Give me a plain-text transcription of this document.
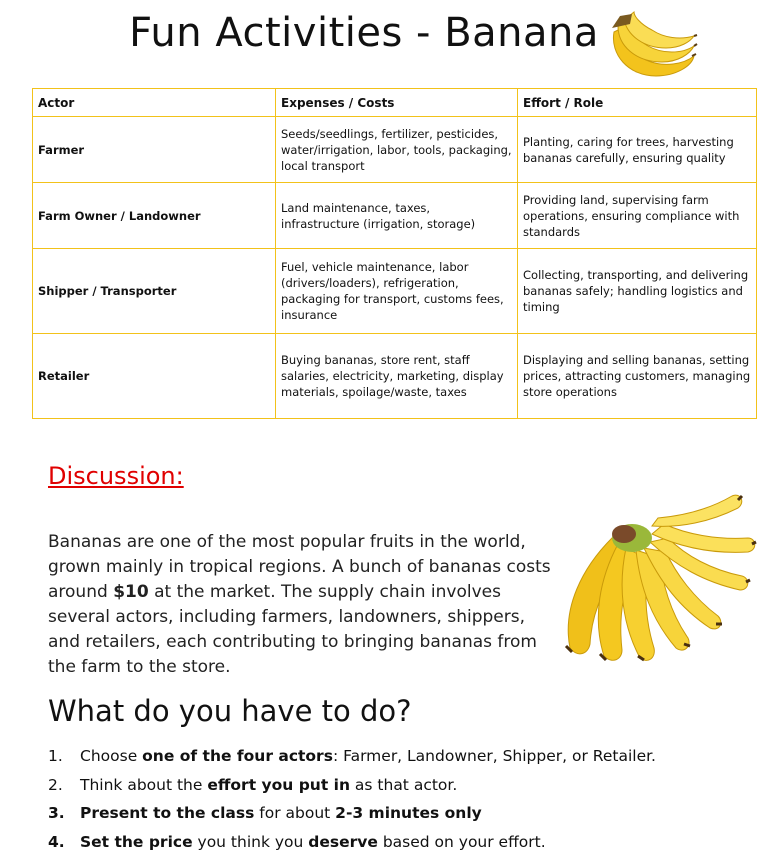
Fun Activities - Banana
Actor	Expenses / Costs	Effort / Role
Farmer	Seeds/seedlings, fertilizer, pesticides, water/irrigation, labor, tools, packaging, local transport	Planting, caring for trees, harvesting bananas carefully, ensuring quality
Farm Owner / Landowner	Land maintenance, taxes, infrastructure (irrigation, storage)	Providing land, supervising farm operations, ensuring compliance with standards
Shipper / Transporter	Fuel, vehicle maintenance, labor (drivers/loaders), refrigeration, packaging for transport, customs fees, insurance	Collecting, transporting, and delivering bananas safely; handling logistics and timing
Retailer	Buying bananas, store rent, staff salaries, electricity, marketing, display materials, spoilage/waste, taxes	Displaying and selling bananas, setting prices, attracting customers, managing store operations
Discussion:
Bananas are one of the most popular fruits in the world, grown mainly in tropical regions. A bunch of bananas costs around $10 at the market. The supply chain involves several actors, including farmers, landowners, shippers, and retailers, each contributing to bringing bananas from the farm to the store.
What do you have to do?
1.	Choose one of the four actors: Farmer, Landowner, Shipper, or Retailer.
2.	Think about the effort you put in as that actor.
3. Present to the class for about 2-3 minutes only
4. Set the price you think you deserve based on your effort.
